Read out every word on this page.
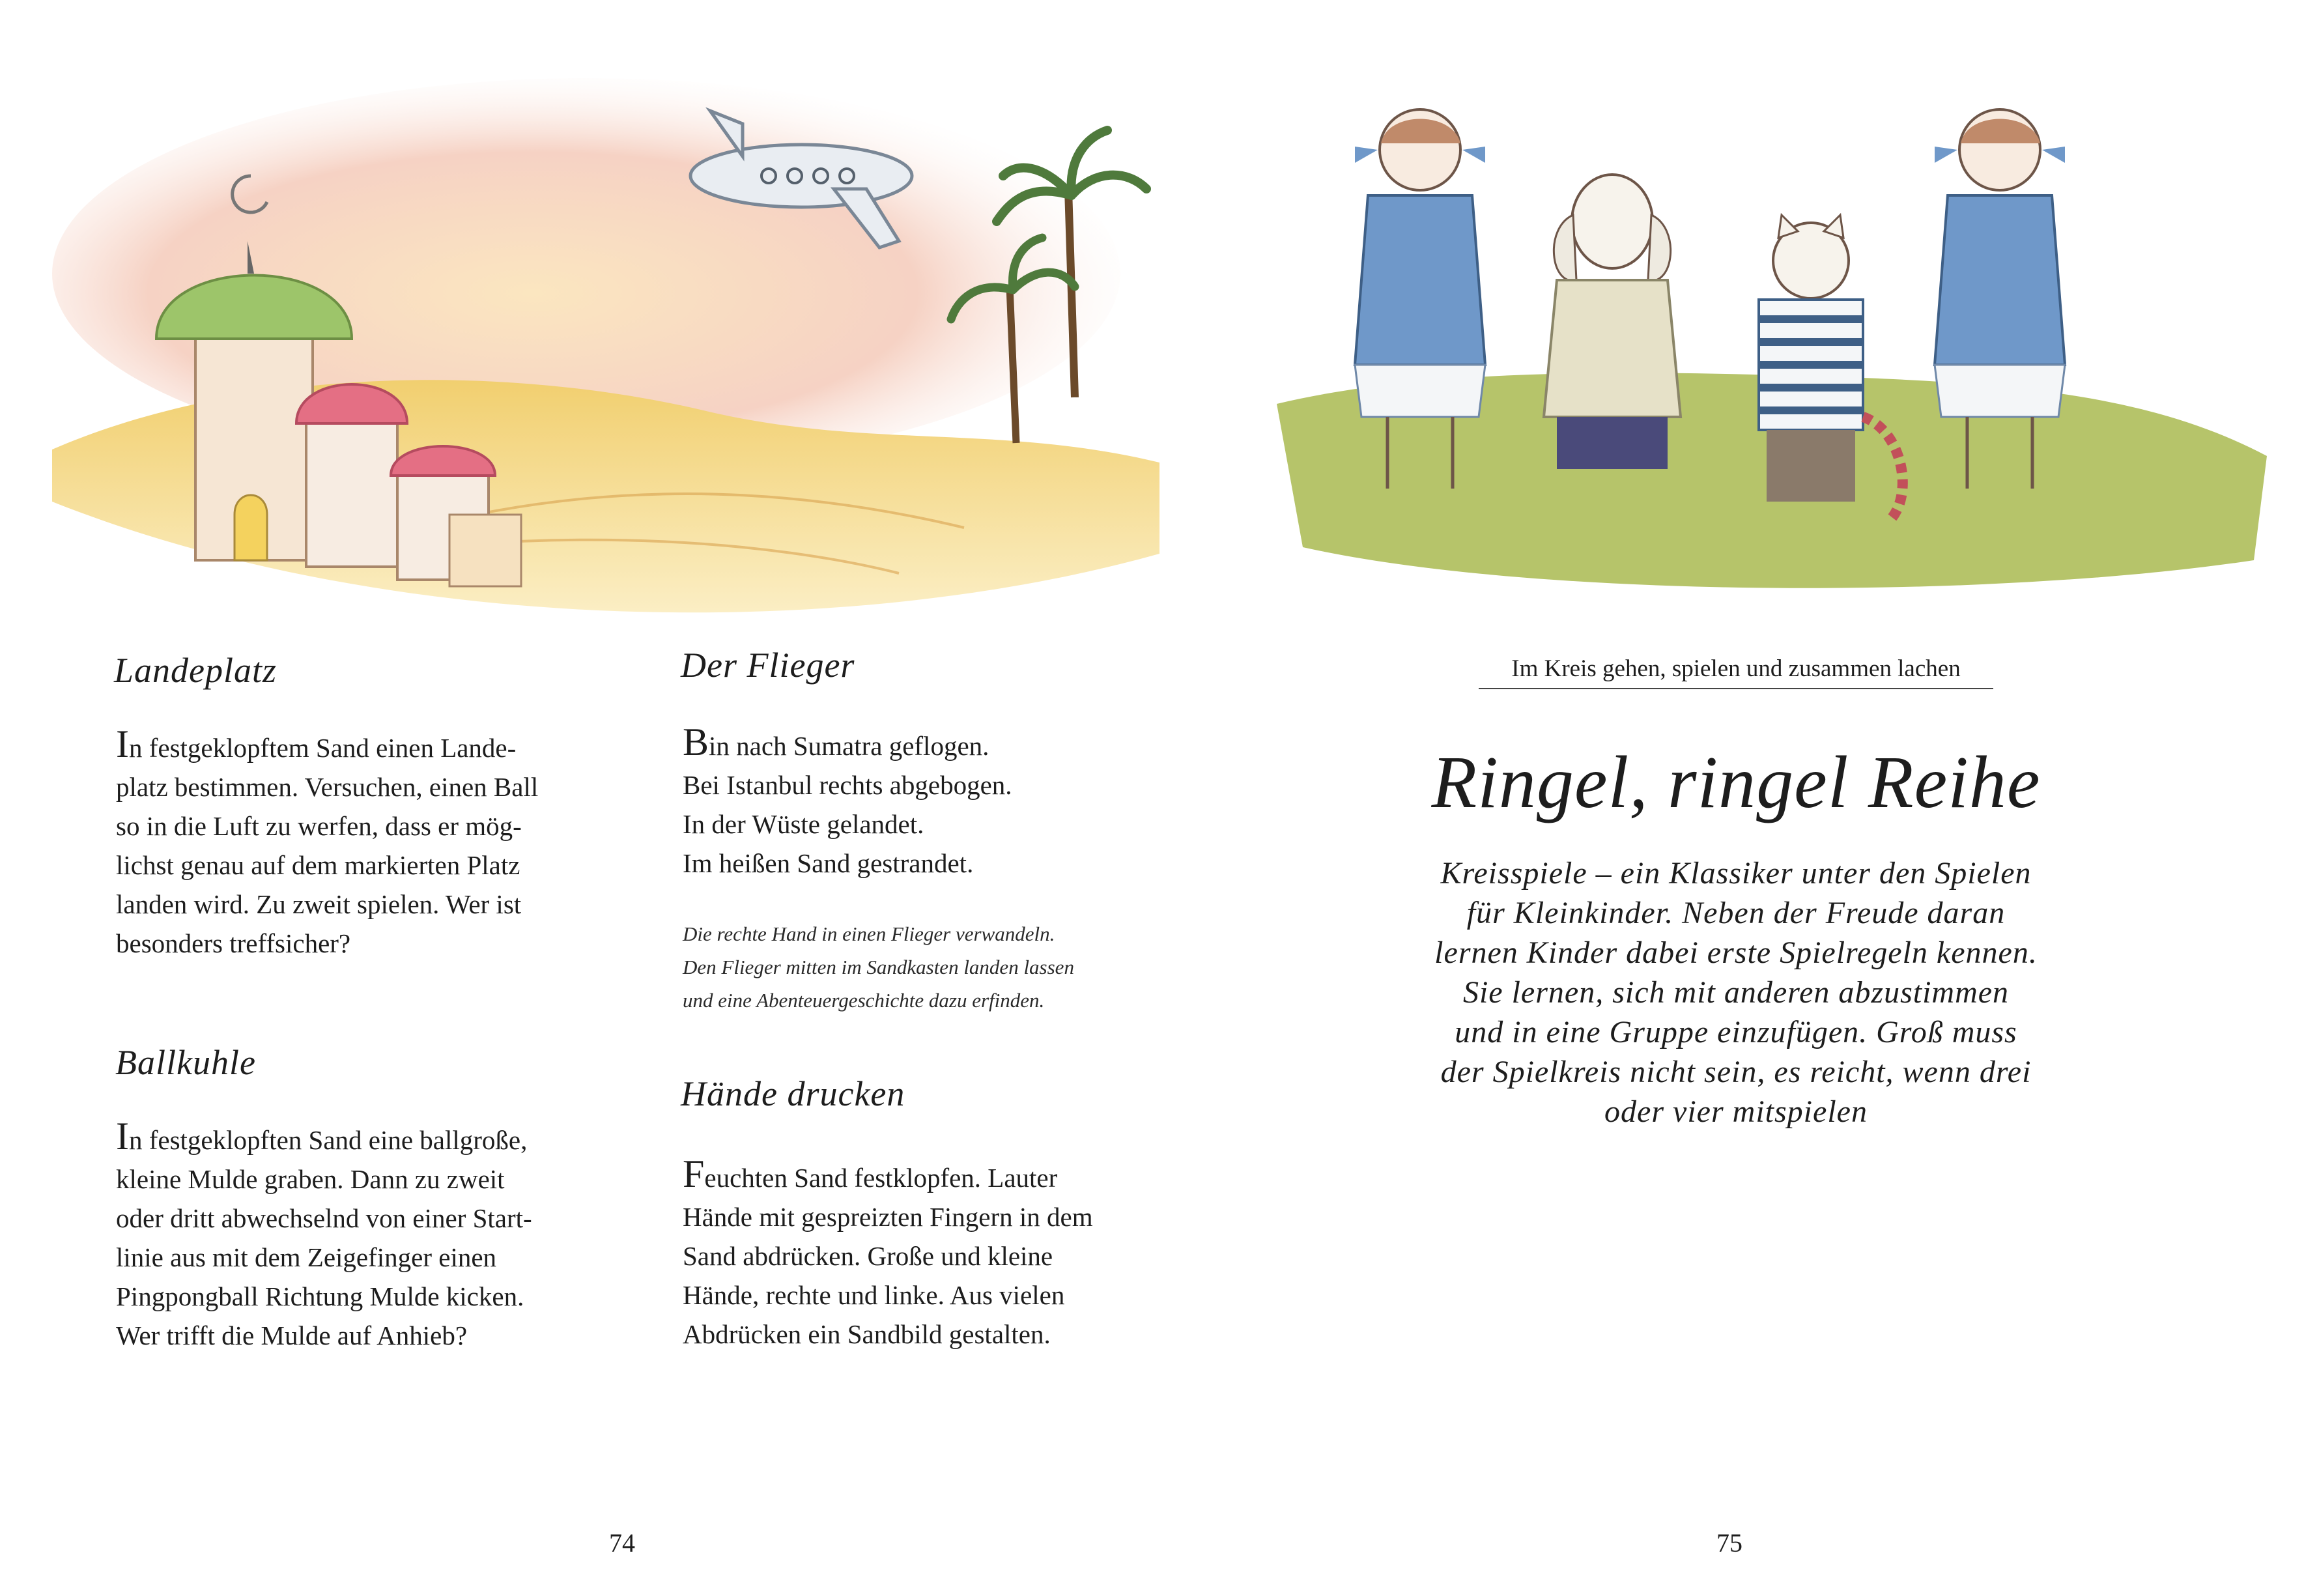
Landeplatz

In festgeklopftem Sand einen Lande-
platz bestimmen. Versuchen, einen Ball
so in die Luft zu werfen, dass er mög-
lichst genau auf dem markierten Platz
landen wird. Zu zweit spielen. Wer ist
besonders treffsicher?

Ballkuhle

In festgeklopften Sand eine ballgroße,
kleine Mulde graben. Dann zu zweit
oder dritt abwechselnd von einer Start-
linie aus mit dem Zeigefinger einen
Pingpongball Richtung Mulde kicken.
Wer trifft die Mulde auf Anhieb?

Der Flieger

Bin nach Sumatra geflogen.
Bei Istanbul rechts abgebogen.
In der Wüste gelandet.
Im heißen Sand gestrandet.

Die rechte Hand in einen Flieger verwandeln.
Den Flieger mitten im Sandkasten landen lassen
und eine Abenteuergeschichte dazu erfinden.

Hände drucken

Feuchten Sand festklopfen. Lauter
Hände mit gespreizten Fingern in dem
Sand abdrücken. Große und kleine
Hände, rechte und linke. Aus vielen
Abdrücken ein Sandbild gestalten.

74
Im Kreis gehen, spielen und zusammen lachen
Ringel, ringel Reihe

Kreisspiele – ein Klassiker unter den Spielen
für Kleinkinder. Neben der Freude daran
lernen Kinder dabei erste Spielregeln kennen.
Sie lernen, sich mit anderen abzustimmen
und in eine Gruppe einzufügen. Groß muss
der Spielkreis nicht sein, es reicht, wenn drei
oder vier mitspielen

75
